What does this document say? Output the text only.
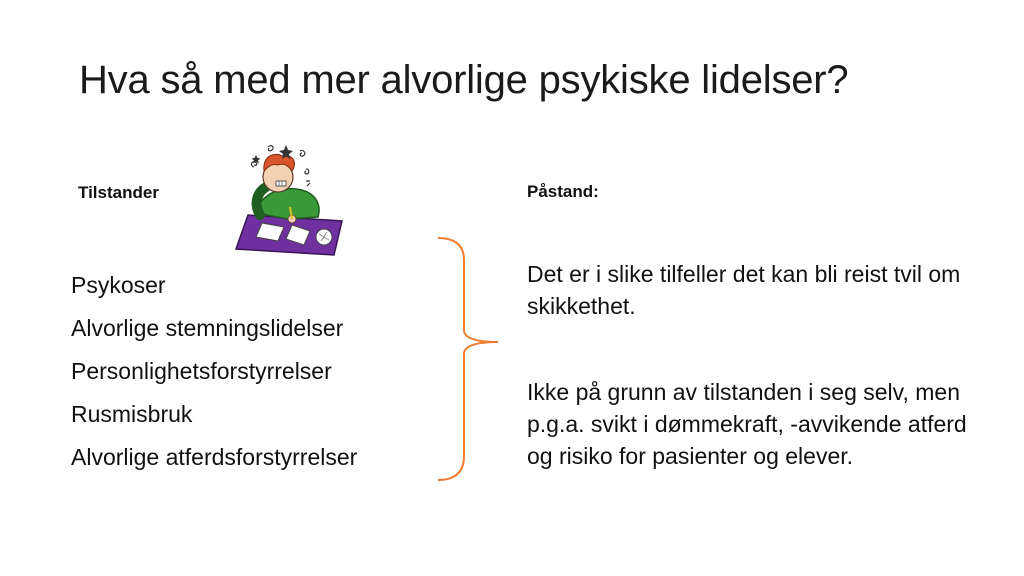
Hva så med mer alvorlige psykiske lidelser?
Tilstander
Psykoser
Alvorlige stemningslidelser
Personlighetsforstyrrelser
Rusmisbruk
Alvorlige atferdsforstyrrelser
Påstand:

Det er i slike tilfeller det kan bli reist tvil om skikkethet.

Ikke på grunn av tilstanden i seg selv, men p.g.a. svikt i dømmekraft, -avvikende atferd og risiko for pasienter og elever.
